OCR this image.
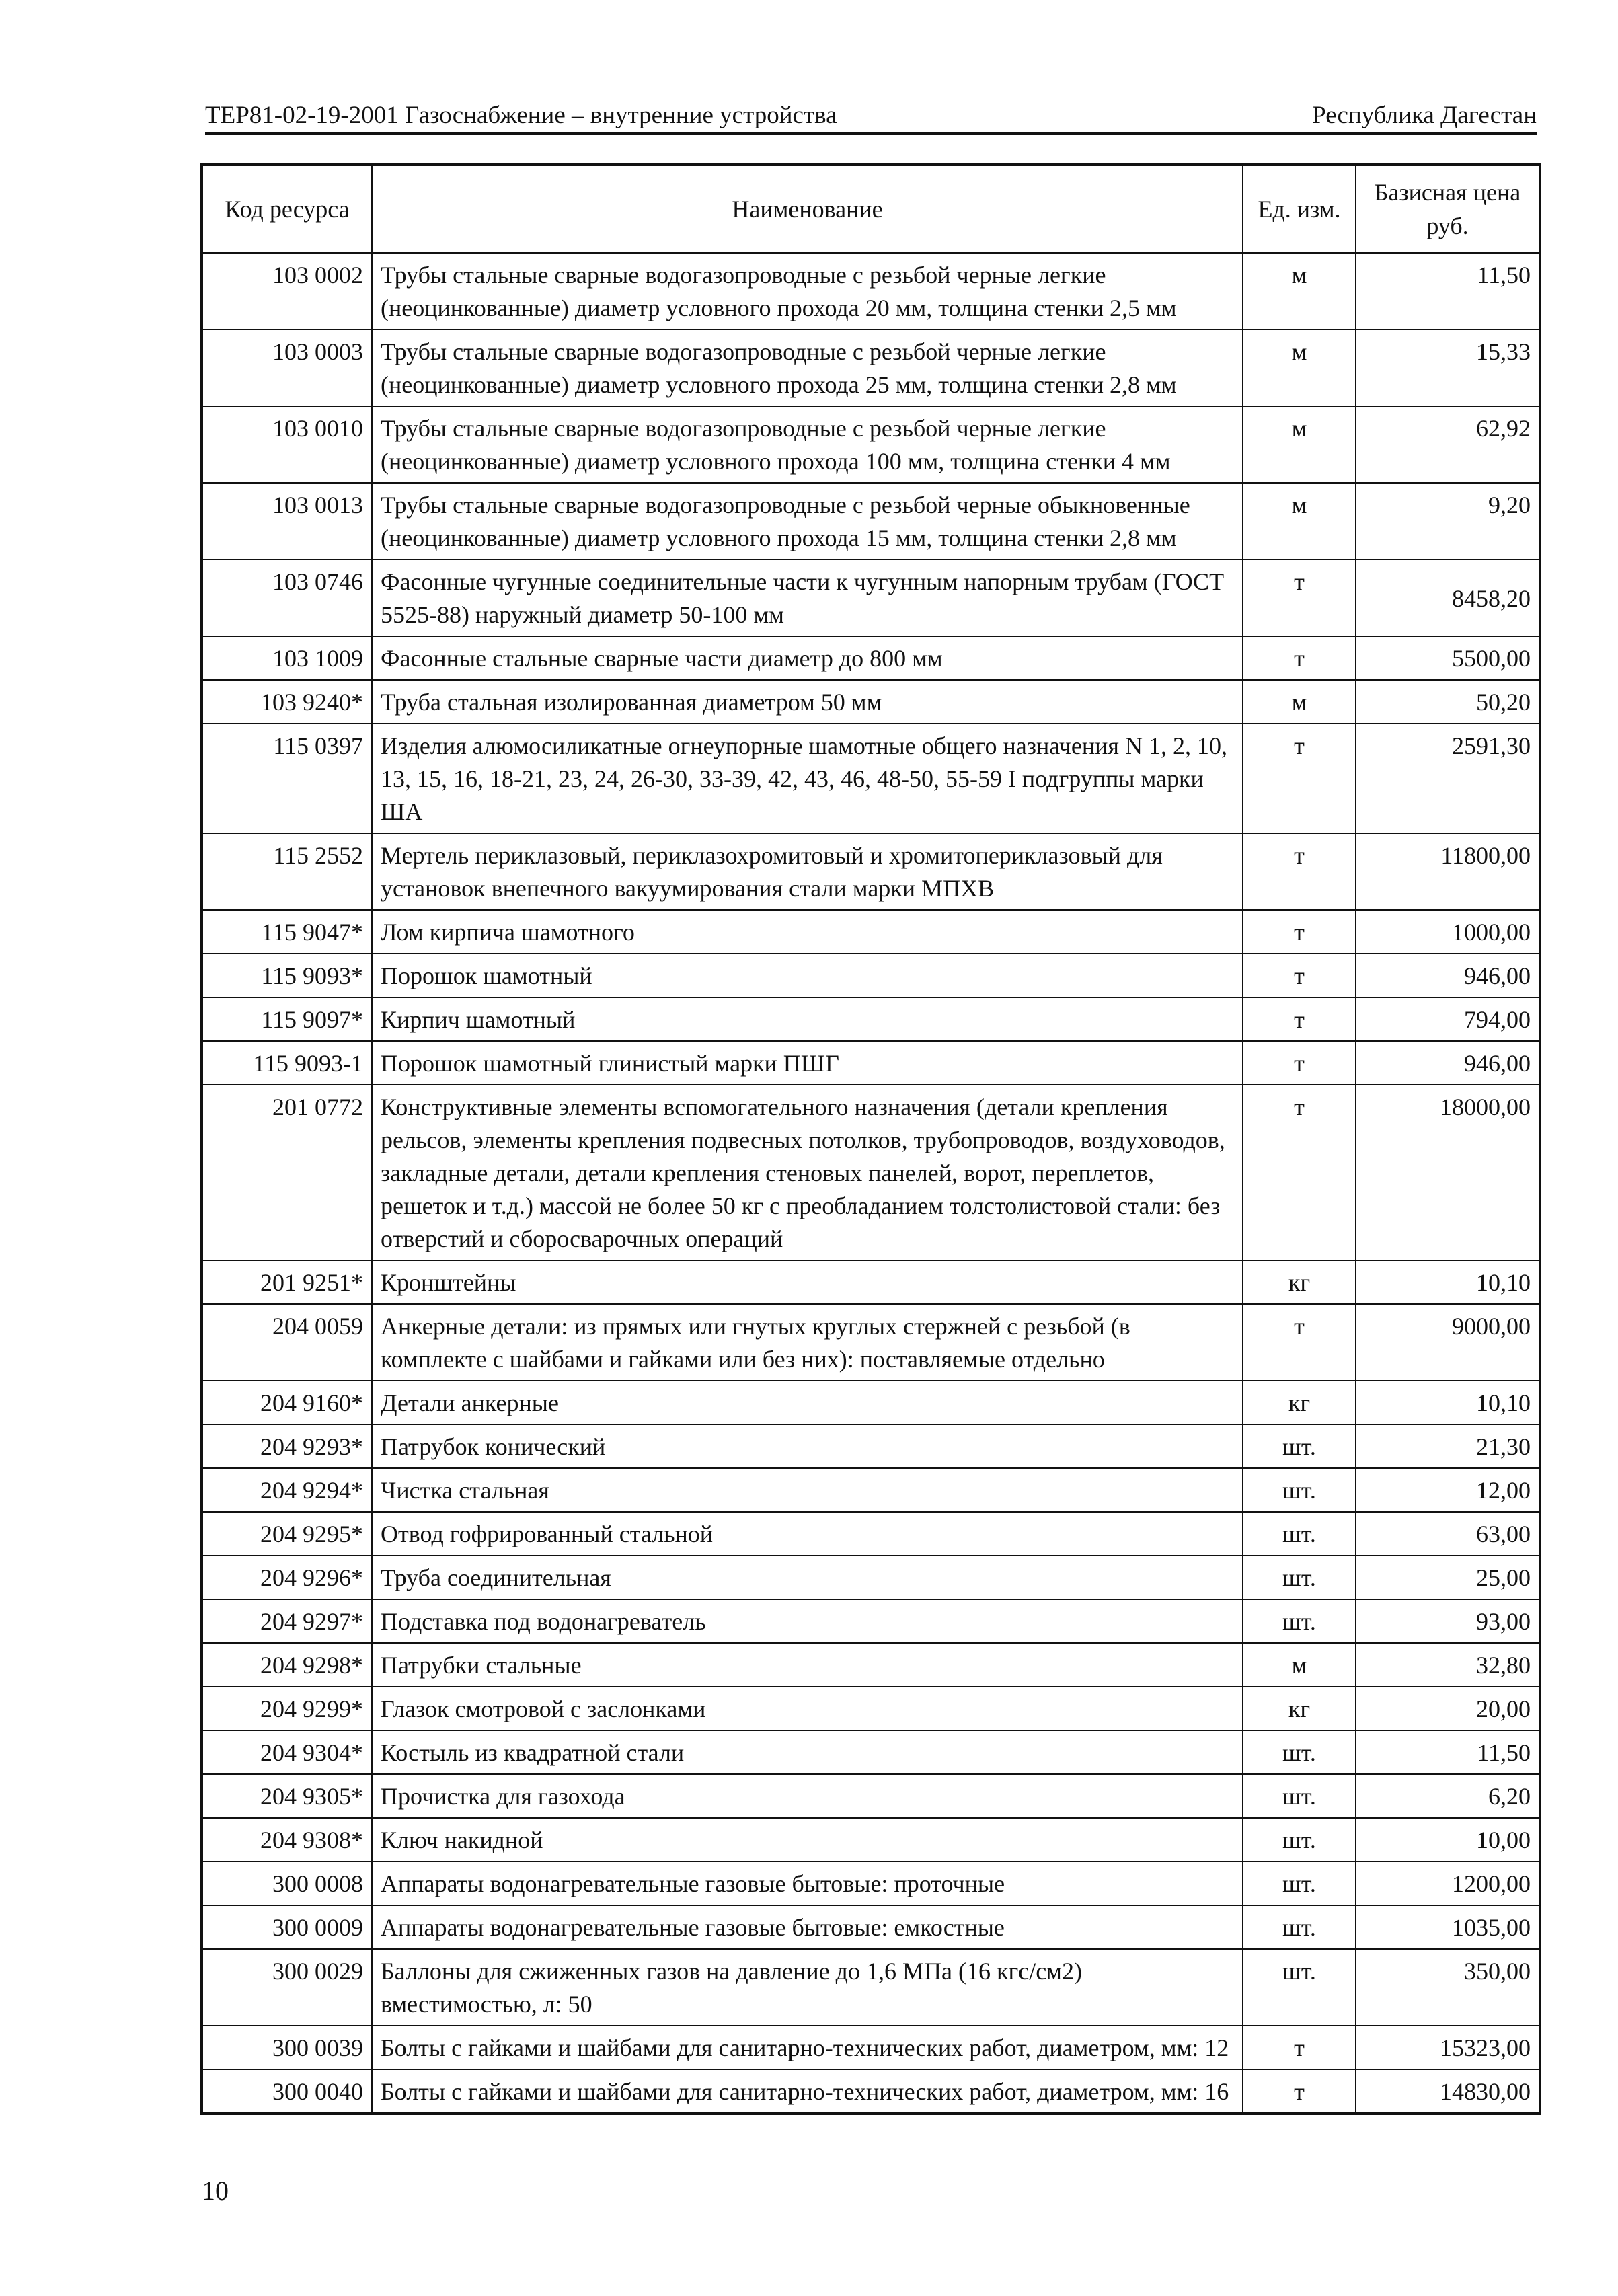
ТЕР81-02-19-2001 Газоснабжение – внутренние устройства	Республика Дагестан
Код ресурса	Наименование	Ед. изм.	Базисная цена
руб.
103 0002	Трубы стальные сварные водогазопроводные с резьбой черные легкие (неоцинкованные) диаметр условного прохода 20 мм, толщина стенки 2,5 мм	м	11,50
103 0003	Трубы стальные сварные водогазопроводные с резьбой черные легкие (неоцинкованные) диаметр условного прохода 25 мм, толщина стенки 2,8 мм	м	15,33
103 0010	Трубы стальные сварные водогазопроводные с резьбой черные легкие (неоцинкованные) диаметр условного прохода 100 мм, толщина стенки 4 мм	м	62,92
103 0013	Трубы стальные сварные водогазопроводные с резьбой черные обыкновенные (неоцинкованные) диаметр условного прохода 15 мм, толщина стенки 2,8 мм	м	9,20
103 0746	Фасонные чугунные соединительные части к чугунным напорным трубам (ГОСТ 5525-88) наружный диаметр 50-100 мм	т	8458,20
103 1009	Фасонные стальные сварные части диаметр до 800 мм	т	5500,00
103 9240*	Труба стальная изолированная диаметром 50 мм	м	50,20
115 0397	Изделия алюмосиликатные огнеупорные шамотные общего назначения N 1, 2, 10, 13, 15, 16, 18-21, 23, 24, 26-30, 33-39, 42, 43, 46, 48-50, 55-59 I подгруппы марки ША	т	2591,30
115 2552	Мертель периклазовый, периклазохромитовый и хромитопериклазовый для установок внепечного вакуумирования стали марки МПХВ	т	11800,00
115 9047*	Лом кирпича шамотного	т	1000,00
115 9093*	Порошок шамотный	т	946,00
115 9097*	Кирпич шамотный	т	794,00
115 9093-1	Порошок шамотный глинистый марки ПШГ	т	946,00
201 0772	Конструктивные элементы вспомогательного назначения (детали крепления рельсов, элементы крепления подвесных потолков, трубопроводов, воздуховодов, закладные детали, детали крепления стеновых панелей, ворот, переплетов, решеток и т.д.) массой не более 50 кг с преобладанием толстолистовой стали: без отверстий и сборосварочных операций	т	18000,00
201 9251*	Кронштейны	кг	10,10
204 0059	Анкерные детали: из прямых или гнутых круглых стержней с резьбой (в комплекте с шайбами и гайками или без них): поставляемые отдельно	т	9000,00
204 9160*	Детали анкерные	кг	10,10
204 9293*	Патрубок конический	шт.	21,30
204 9294*	Чистка стальная	шт.	12,00
204 9295*	Отвод гофрированный стальной	шт.	63,00
204 9296*	Труба соединительная	шт.	25,00
204 9297*	Подставка под водонагреватель	шт.	93,00
204 9298*	Патрубки стальные	м	32,80
204 9299*	Глазок смотровой с заслонками	кг	20,00
204 9304*	Костыль из квадратной стали	шт.	11,50
204 9305*	Прочистка для газохода	шт.	6,20
204 9308*	Ключ накидной	шт.	10,00
300 0008	Аппараты водонагревательные газовые бытовые: проточные	шт.	1200,00
300 0009	Аппараты водонагревательные газовые бытовые: емкостные	шт.	1035,00
300 0029	Баллоны для сжиженных газов на давление до 1,6 МПа (16 кгс/см2) вместимостью, л: 50	шт.	350,00
300 0039	Болты с гайками и шайбами для санитарно-технических работ, диаметром, мм: 12	т	15323,00
300 0040	Болты с гайками и шайбами для санитарно-технических работ, диаметром, мм: 16	т	14830,00
10
